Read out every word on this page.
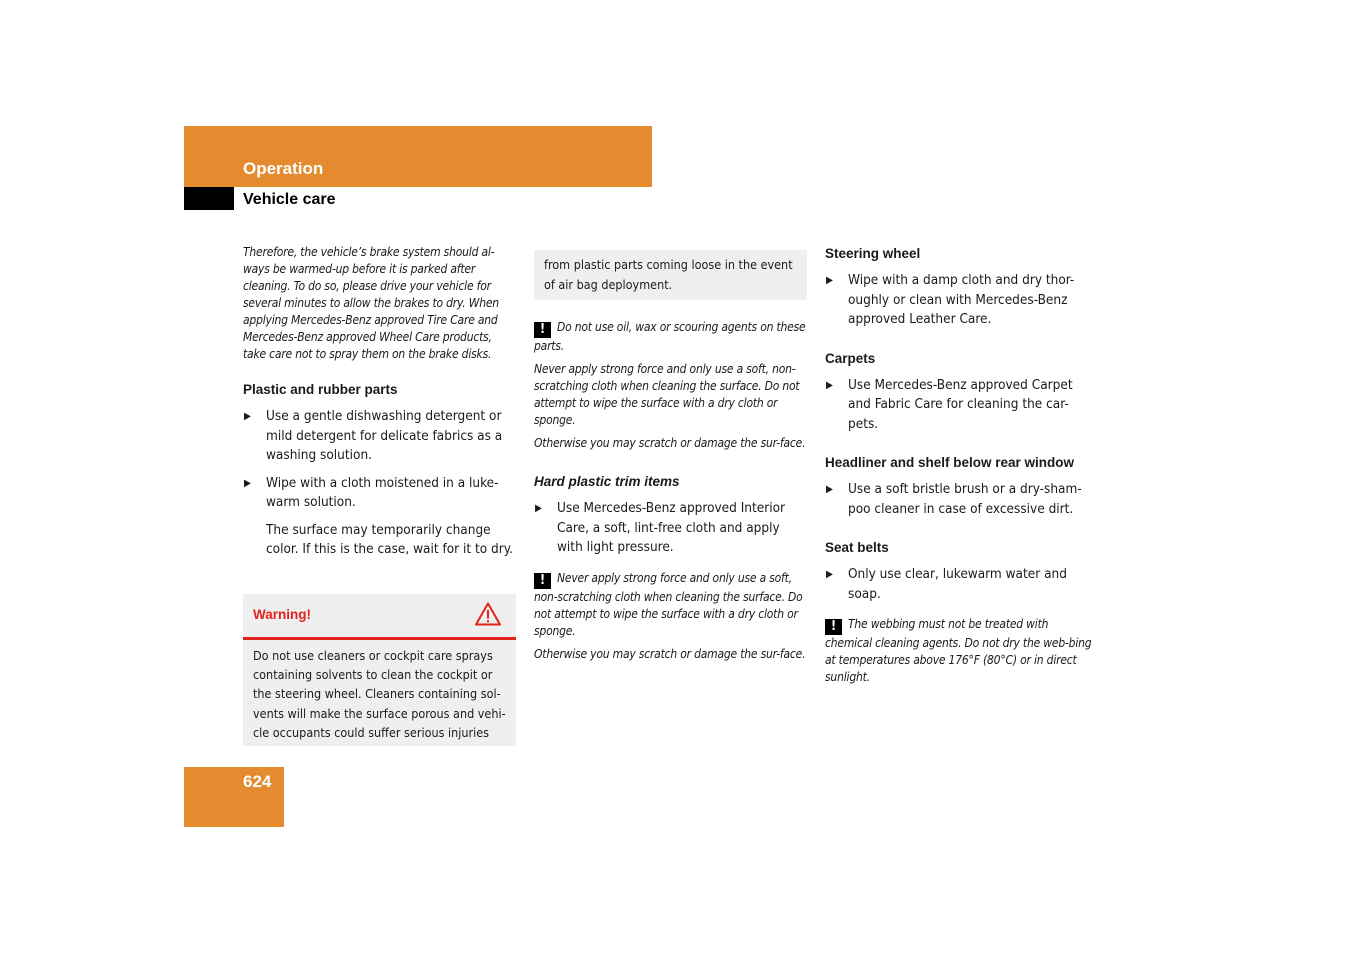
Operation
Vehicle care

Therefore, the vehicle’s brake system should al-ways be warmed-up before it is parked after cleaning. To do so, please drive your vehicle for several minutes to allow the brakes to dry. When applying Mercedes-Benz approved Tire Care and Mercedes-Benz approved Wheel Care products, take care not to spray them on the brake disks.

Plastic and rubber parts
▶ Use a gentle dishwashing detergent or mild detergent for delicate fabrics as a washing solution.
▶ Wipe with a cloth moistened in a luke-warm solution.

The surface may temporarily change color. If this is the case, wait for it to dry.

Warning!
Do not use cleaners or cockpit care sprays containing solvents to clean the cockpit or the steering wheel. Cleaners containing sol-vents will make the surface porous and vehi-cle occupants could suffer serious injuries
from plastic parts coming loose in the event of air bag deployment.

! Do not use oil, wax or scouring agents on these parts.

Never apply strong force and only use a soft, non-scratching cloth when cleaning the surface. Do not attempt to wipe the surface with a dry cloth or sponge.

Otherwise you may scratch or damage the sur-face.

Hard plastic trim items
▶ Use Mercedes-Benz approved Interior Care, a soft, lint-free cloth and apply with light pressure.

! Never apply strong force and only use a soft, non-scratching cloth when cleaning the surface. Do not attempt to wipe the surface with a dry cloth or sponge.

Otherwise you may scratch or damage the sur-face.

Steering wheel
▶ Wipe with a damp cloth and dry thor-oughly or clean with Mercedes-Benz approved Leather Care.
Carpets
▶ Use Mercedes-Benz approved Carpet and Fabric Care for cleaning the car-pets.
Headliner and shelf below rear window
▶ Use a soft bristle brush or a dry-sham-poo cleaner in case of excessive dirt.
Seat belts
▶ Only use clear, lukewarm water and soap.

! The webbing must not be treated with chemical cleaning agents. Do not dry the web-bing at temperatures above 176°F (80°C) or in direct sunlight.

624
